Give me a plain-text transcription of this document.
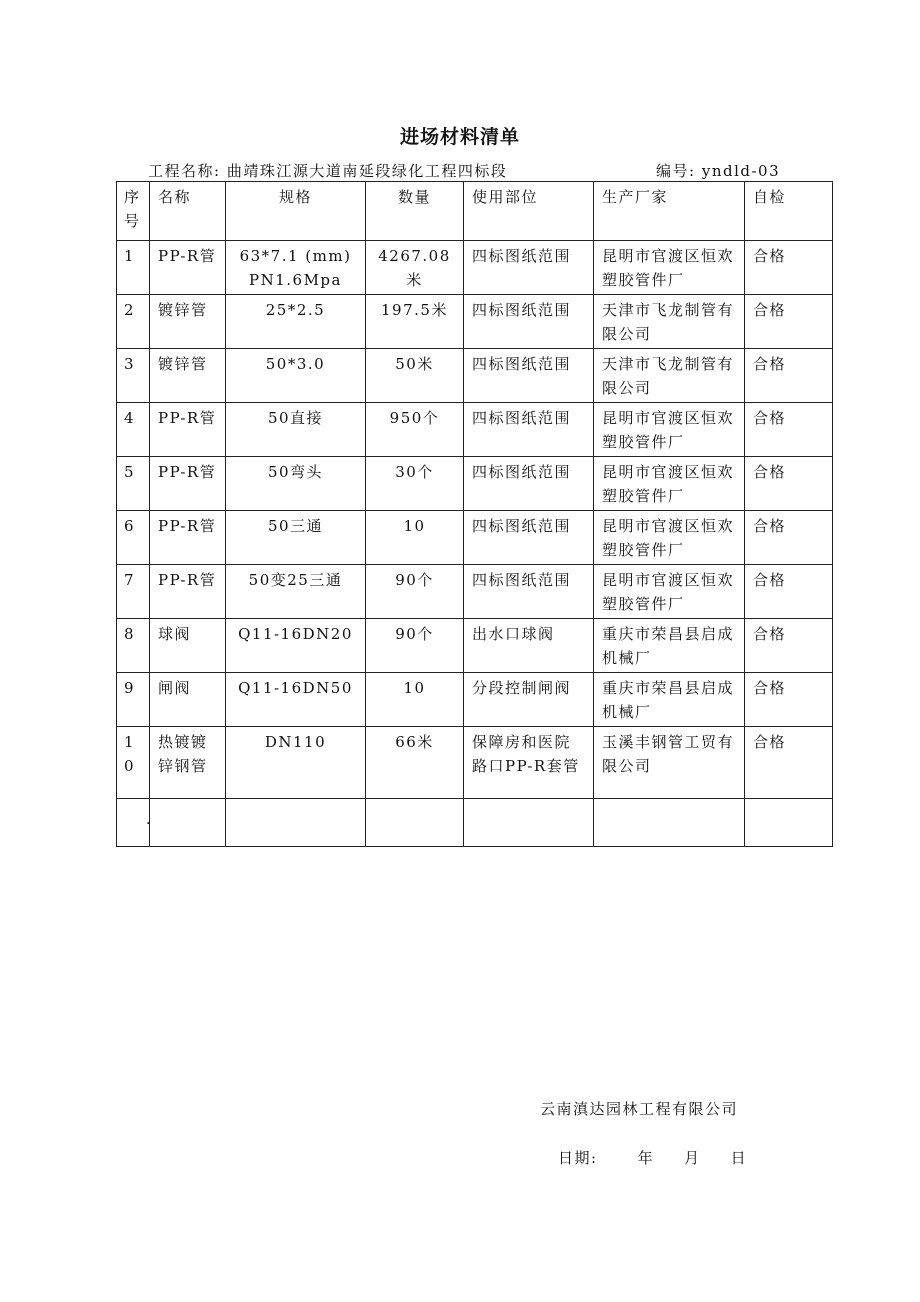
进场材料清单
工程名称: 曲靖珠江源大道南延段绿化工程四标段	编号: yndld-03
序号	名称	规格	数量	使用部位	生产厂家	自检
1	PP-R管	63*7.1 (mm) PN1.6Mpa	4267.08米	四标图纸范围	昆明市官渡区恒欢塑胶管件厂	合格
2	镀锌管	25*2.5	197.5米	四标图纸范围	天津市飞龙制管有限公司	合格
3	镀锌管	50*3.0	50米	四标图纸范围	天津市飞龙制管有限公司	合格
4	PP-R管	50直接	950个	四标图纸范围	昆明市官渡区恒欢塑胶管件厂	合格
5	PP-R管	50弯头	30个	四标图纸范围	昆明市官渡区恒欢塑胶管件厂	合格
6	PP-R管	50三通	10	四标图纸范围	昆明市官渡区恒欢塑胶管件厂	合格
7	PP-R管	50变25三通	90个	四标图纸范围	昆明市官渡区恒欢塑胶管件厂	合格
8	球阀	Q11-16DN20	90个	出水口球阀	重庆市荣昌县启成机械厂	合格
9	闸阀	Q11-16DN50	10	分段控制闸阀	重庆市荣昌县启成机械厂	合格
10	热镀镀锌钢管	DN110	66米	保障房和医院路口PP-R套管	玉溪丰钢管工贸有限公司	合格

.
云南滇达园林工程有限公司
日期:	年 月 日
